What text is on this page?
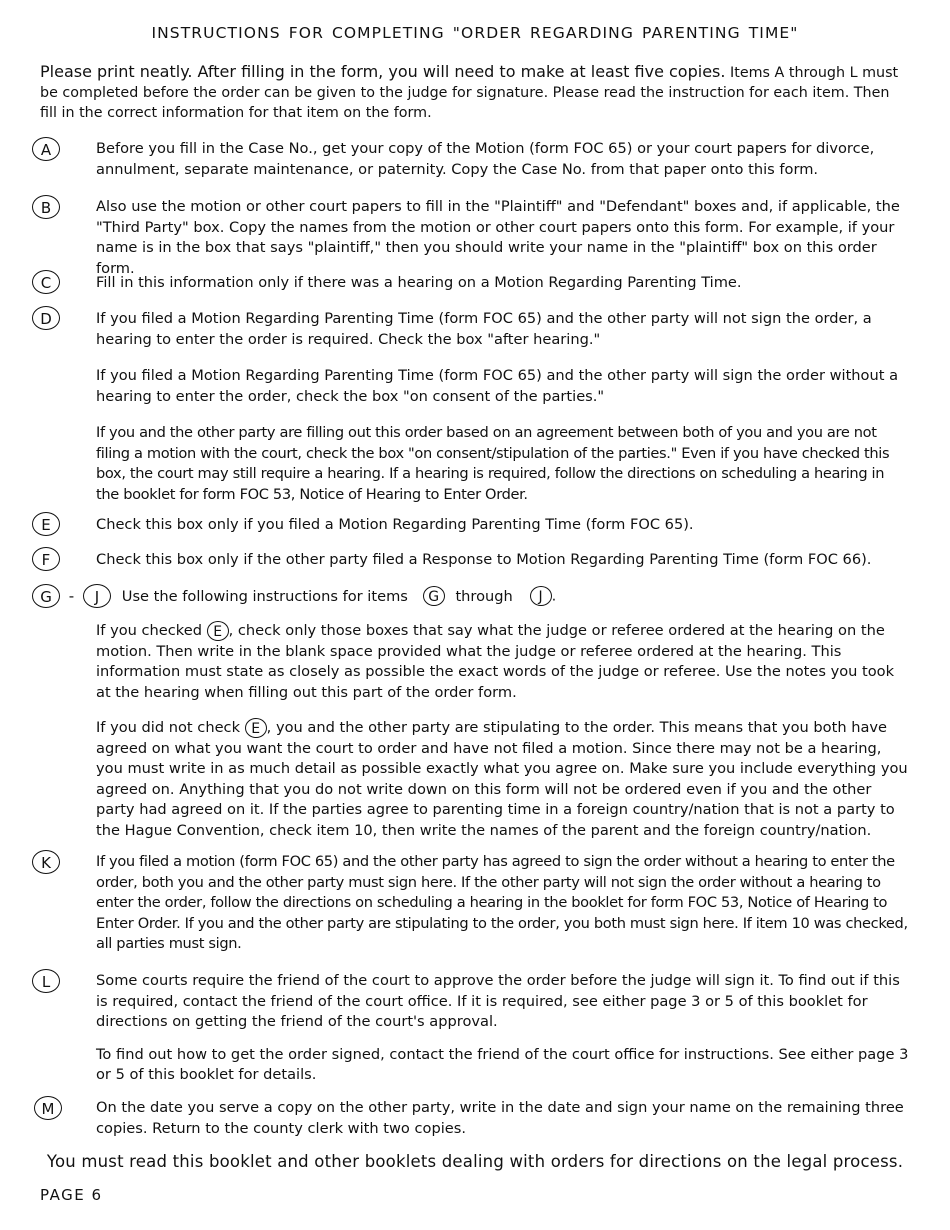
INSTRUCTIONS FOR COMPLETING "ORDER REGARDING PARENTING TIME"
Please print neatly. After filling in the form, you will need to make at least five copies. Items A through L must be completed before the order can be given to the judge for signature. Please read the instruction for each item. Then fill in the correct information for that item on the form.
A	Before you fill in the Case No., get your copy of the Motion (form FOC 65) or your court papers for divorce, annulment, separate maintenance, or paternity. Copy the Case No. from that paper onto this form.

B	Also use the motion or other court papers to fill in the "Plaintiff" and "Defendant" boxes and, if applicable, the "Third Party" box. Copy the names from the motion or other court papers onto this form. For example, if your name is in the box that says "plaintiff," then you should write your name in the "plaintiff" box on this order form.

C	Fill in this information only if there was a hearing on a Motion Regarding Parenting Time.

D	If you filed a Motion Regarding Parenting Time (form FOC 65) and the other party will not sign the order, a hearing to enter the order is required. Check the box "after hearing."

If you filed a Motion Regarding Parenting Time (form FOC 65) and the other party will sign the order without a hearing to enter the order, check the box "on consent of the parties."

If you and the other party are filling out this order based on an agreement between both of you and you are not filing a motion with the court, check the box "on consent/stipulation of the parties." Even if you have checked this box, the court may still require a hearing. If a hearing is required, follow the directions on scheduling a hearing in the booklet for form FOC 53, Notice of Hearing to Enter Order.

E	Check this box only if you filed a Motion Regarding Parenting Time (form FOC 65).

F	Check this box only if the other party filed a Response to Motion Regarding Parenting Time (form FOC 66).

G - J Use the following instructions for items G through J .

If you checked E , check only those boxes that say what the judge or referee ordered at the hearing on the motion. Then write in the blank space provided what the judge or referee ordered at the hearing. This information must state as closely as possible the exact words of the judge or referee. Use the notes you took at the hearing when filling out this part of the order form.

If you did not check E , you and the other party are stipulating to the order. This means that you both have agreed on what you want the court to order and have not filed a motion. Since there may not be a hearing, you must write in as much detail as possible exactly what you agree on. Make sure you include everything you agreed on. Anything that you do not write down on this form will not be ordered even if you and the other party had agreed on it. If the parties agree to parenting time in a foreign country/nation that is not a party to the Hague Convention, check item 10, then write the names of the parent and the foreign country/nation.

K	If you filed a motion (form FOC 65) and the other party has agreed to sign the order without a hearing to enter the order, both you and the other party must sign here. If the other party will not sign the order without a hearing to enter the order, follow the directions on scheduling a hearing in the booklet for form FOC 53, Notice of Hearing to Enter Order. If you and the other party are stipulating to the order, you both must sign here. If item 10 was checked, all parties must sign.

L	Some courts require the friend of the court to approve the order before the judge will sign it. To find out if this is required, contact the friend of the court office. If it is required, see either page 3 or 5 of this booklet for directions on getting the friend of the court's approval.

To find out how to get the order signed, contact the friend of the court office for instructions. See either page 3 or 5 of this booklet for details.

M	On the date you serve a copy on the other party, write in the date and sign your name on the remaining three copies. Return to the county clerk with two copies.

You must read this booklet and other booklets dealing with orders for directions on the legal process.
PAGE 6
